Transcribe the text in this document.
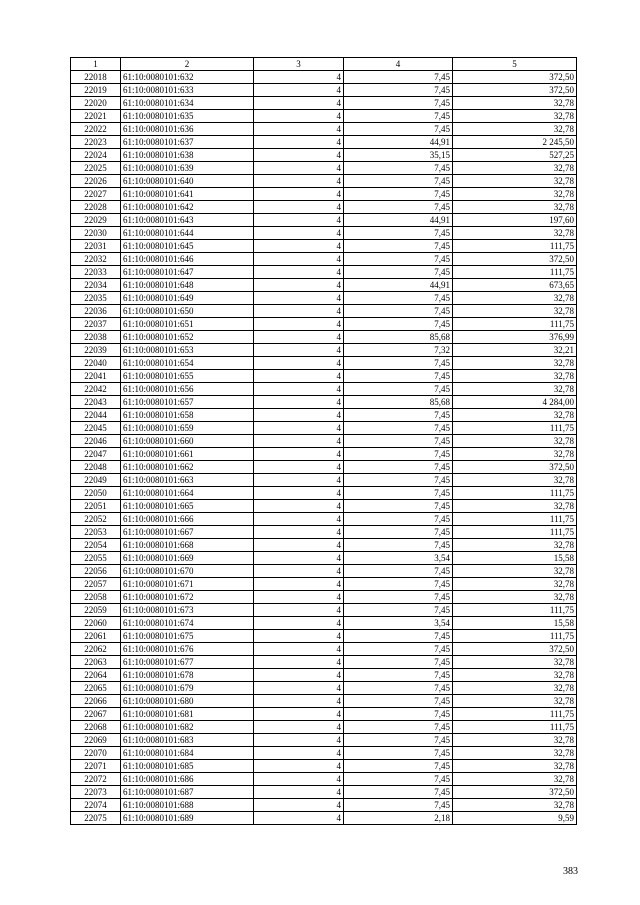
1	2	3	4	5
22018	61:10:0080101:632	4	7,45	372,50
22019	61:10:0080101:633	4	7,45	372,50
22020	61:10:0080101:634	4	7,45	32,78
22021	61:10:0080101:635	4	7,45	32,78
22022	61:10:0080101:636	4	7,45	32,78
22023	61:10:0080101:637	4	44,91	2 245,50
22024	61:10:0080101:638	4	35,15	527,25
22025	61:10:0080101:639	4	7,45	32,78
22026	61:10:0080101:640	4	7,45	32,78
22027	61:10:0080101:641	4	7,45	32,78
22028	61:10:0080101:642	4	7,45	32,78
22029	61:10:0080101:643	4	44,91	197,60
22030	61:10:0080101:644	4	7,45	32,78
22031	61:10:0080101:645	4	7,45	111,75
22032	61:10:0080101:646	4	7,45	372,50
22033	61:10:0080101:647	4	7,45	111,75
22034	61:10:0080101:648	4	44,91	673,65
22035	61:10:0080101:649	4	7,45	32,78
22036	61:10:0080101:650	4	7,45	32,78
22037	61:10:0080101:651	4	7,45	111,75
22038	61:10:0080101:652	4	85,68	376,99
22039	61:10:0080101:653	4	7,32	32,21
22040	61:10:0080101:654	4	7,45	32,78
22041	61:10:0080101:655	4	7,45	32,78
22042	61:10:0080101:656	4	7,45	32,78
22043	61:10:0080101:657	4	85,68	4 284,00
22044	61:10:0080101:658	4	7,45	32,78
22045	61:10:0080101:659	4	7,45	111,75
22046	61:10:0080101:660	4	7,45	32,78
22047	61:10:0080101:661	4	7,45	32,78
22048	61:10:0080101:662	4	7,45	372,50
22049	61:10:0080101:663	4	7,45	32,78
22050	61:10:0080101:664	4	7,45	111,75
22051	61:10:0080101:665	4	7,45	32,78
22052	61:10:0080101:666	4	7,45	111,75
22053	61:10:0080101:667	4	7,45	111,75
22054	61:10:0080101:668	4	7,45	32,78
22055	61:10:0080101:669	4	3,54	15,58
22056	61:10:0080101:670	4	7,45	32,78
22057	61:10:0080101:671	4	7,45	32,78
22058	61:10:0080101:672	4	7,45	32,78
22059	61:10:0080101:673	4	7,45	111,75
22060	61:10:0080101:674	4	3,54	15,58
22061	61:10:0080101:675	4	7,45	111,75
22062	61:10:0080101:676	4	7,45	372,50
22063	61:10:0080101:677	4	7,45	32,78
22064	61:10:0080101:678	4	7,45	32,78
22065	61:10:0080101:679	4	7,45	32,78
22066	61:10:0080101:680	4	7,45	32,78
22067	61:10:0080101:681	4	7,45	111,75
22068	61:10:0080101:682	4	7,45	111,75
22069	61:10:0080101:683	4	7,45	32,78
22070	61:10:0080101:684	4	7,45	32,78
22071	61:10:0080101:685	4	7,45	32,78
22072	61:10:0080101:686	4	7,45	32,78
22073	61:10:0080101:687	4	7,45	372,50
22074	61:10:0080101:688	4	7,45	32,78
22075	61:10:0080101:689	4	2,18	9,59
383
